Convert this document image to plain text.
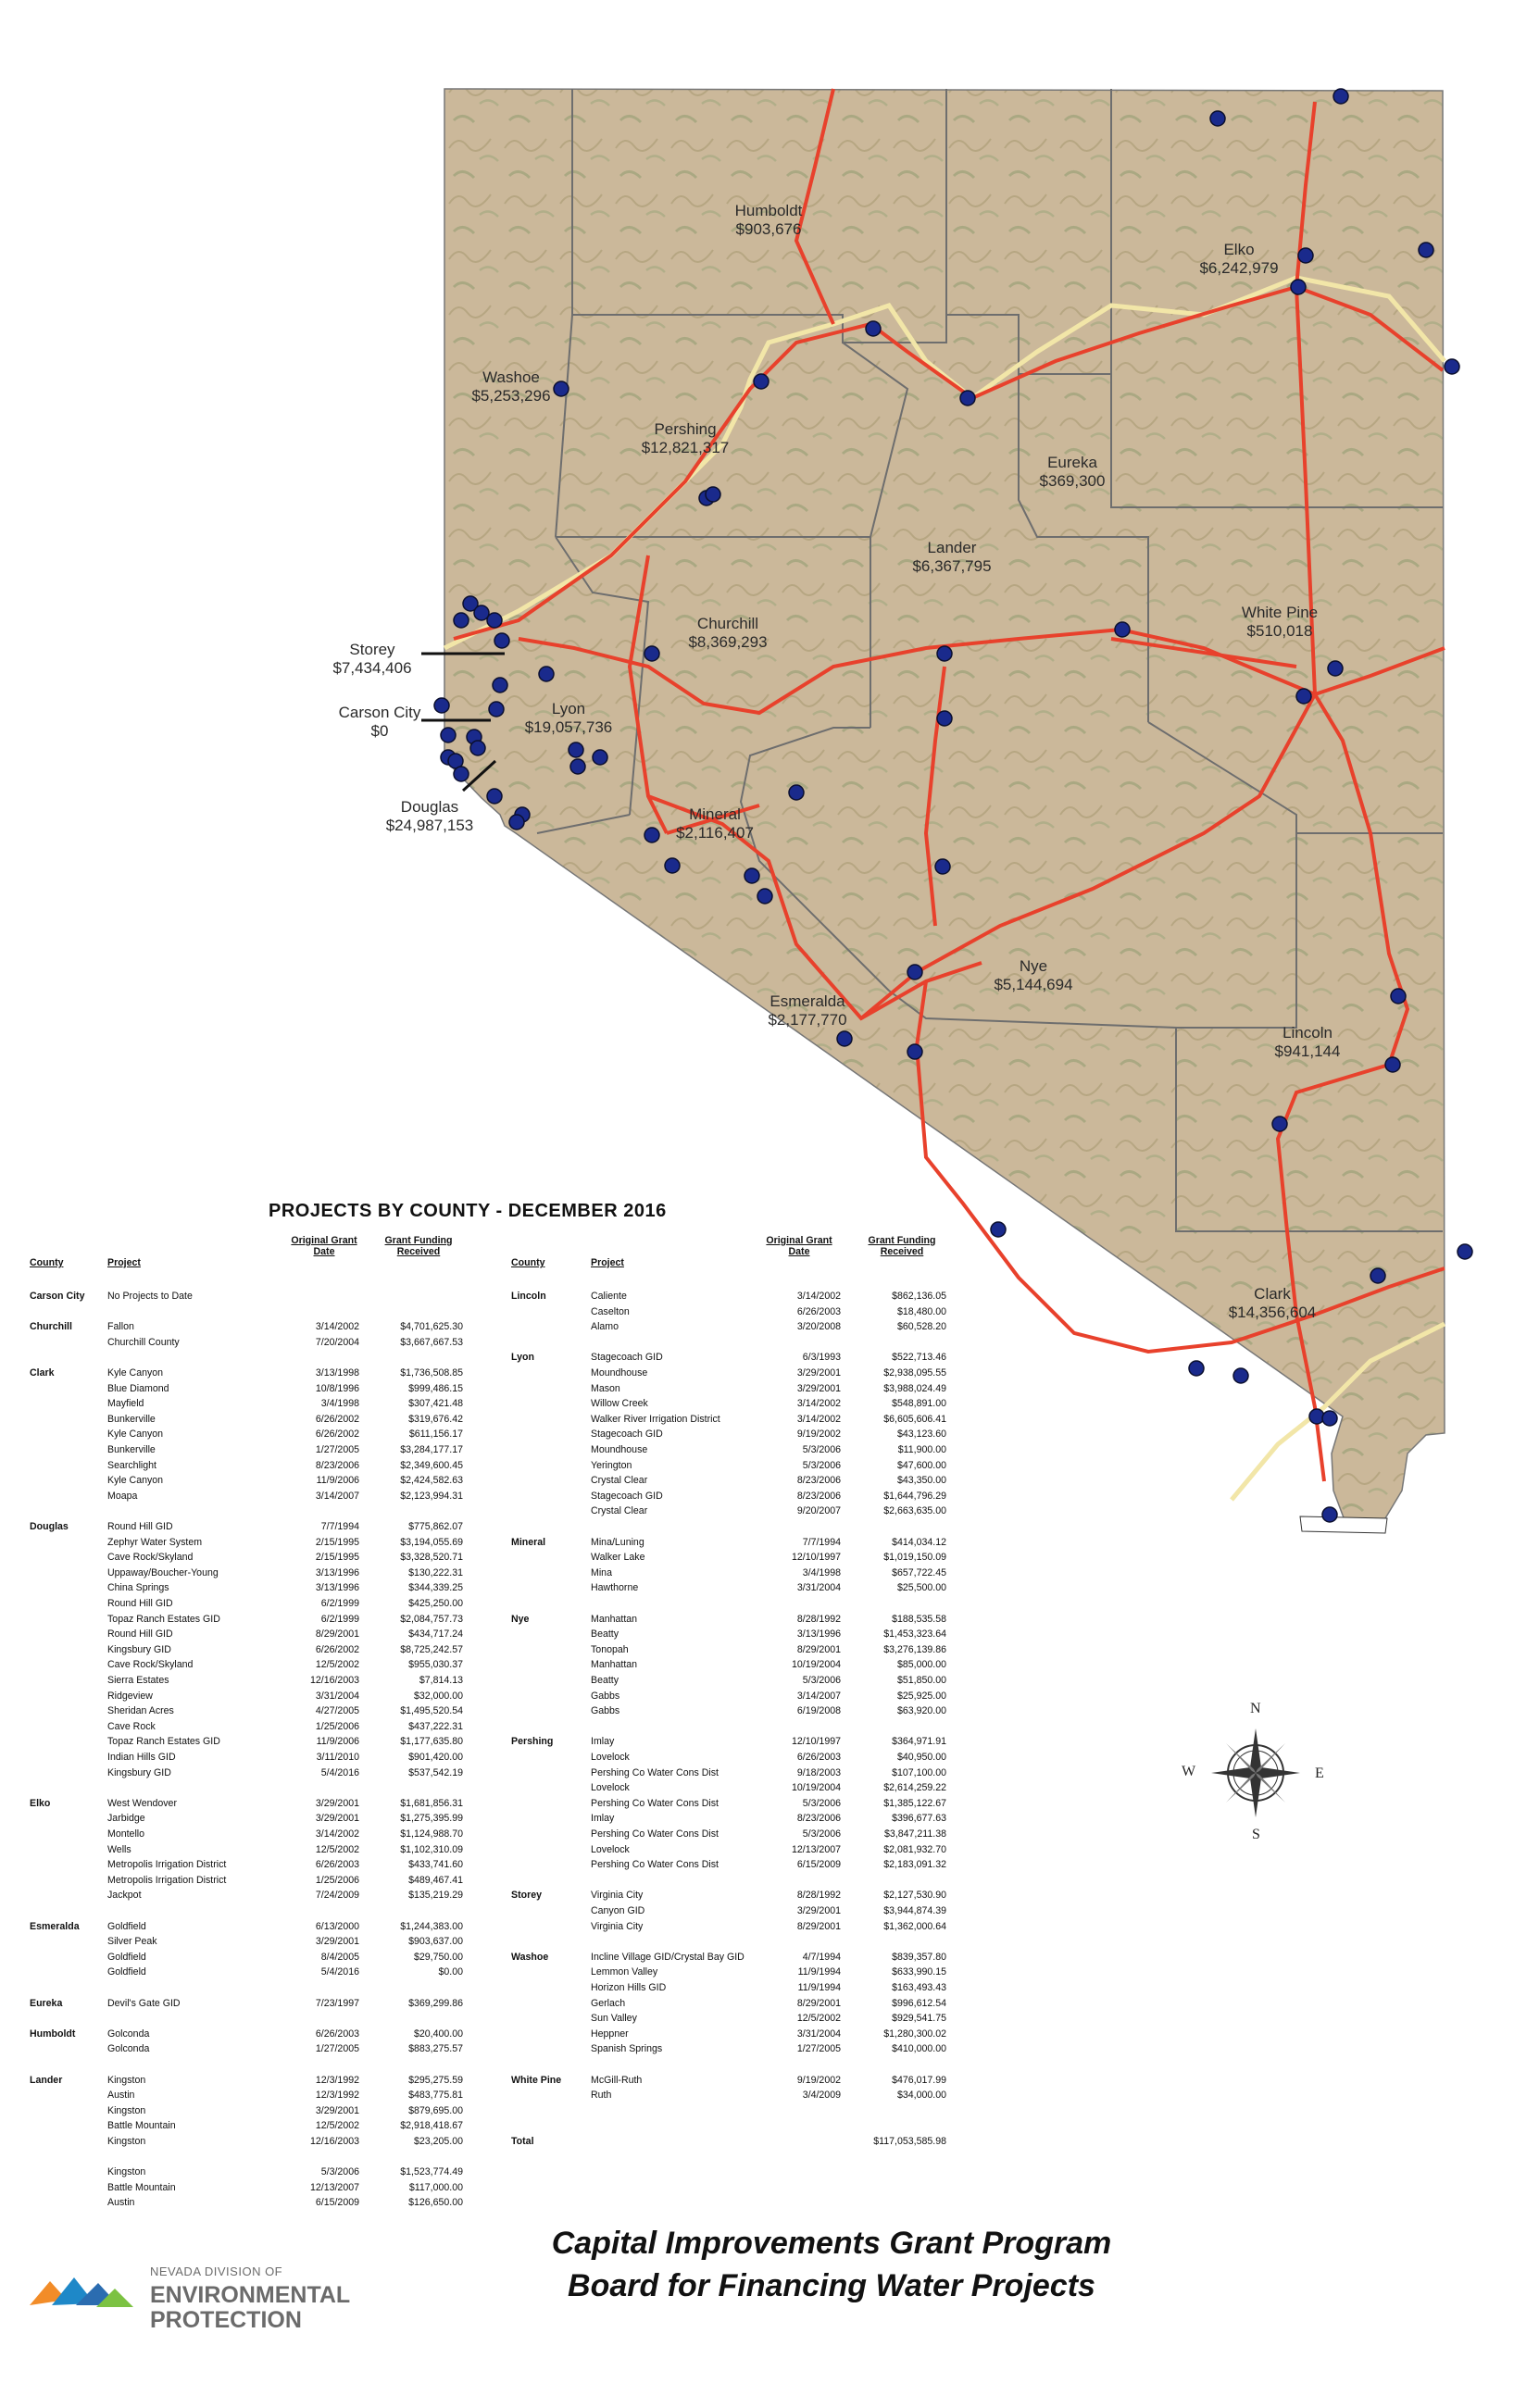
Humboldt
$903,676
Elko
$6,242,979
Washoe
$5,253,296
Pershing
$12,821,317
Eureka
$369,300
Lander
$6,367,795
White Pine
$510,018
Storey
$7,434,406
Churchill
$8,369,293
Carson City
$0
Lyon
$19,057,736
Douglas
$24,987,153
Mineral
$2,116,407
Nye
$5,144,694
Esmeralda
$2,177,770
Lincoln
$941,144
Clark
$14,356,604
PROJECTS BY COUNTY - DECEMBER 2016
County	Project
Original Grant
Date
Grant Funding
Received
Carson City No Projects to Date
Churchill	Fallon	3/14/2002	$4,701,625.30
Churchill County	7/20/2004	$3,667,667.53
Clark	Kyle Canyon	3/13/1998	$1,736,508.85
Blue Diamond	10/8/1996	$999,486.15
Mayfield	3/4/1998	$307,421.48
Bunkerville	6/26/2002	$319,676.42
Kyle Canyon	6/26/2002	$611,156.17
Bunkerville	1/27/2005	$3,284,177.17
Searchlight	8/23/2006	$2,349,600.45
Kyle Canyon	11/9/2006	$2,424,582.63
Moapa	3/14/2007	$2,123,994.31
Douglas	Round Hill GID	7/7/1994	$775,862.07
Zephyr Water System	2/15/1995	$3,194,055.69
Cave Rock/Skyland	2/15/1995	$3,328,520.71
Uppaway/Boucher-Young	3/13/1996	$130,222.31
China Springs	3/13/1996	$344,339.25
Round Hill GID	6/2/1999	$425,250.00
Topaz Ranch Estates GID	6/2/1999	$2,084,757.73
Round Hill GID	8/29/2001	$434,717.24
Kingsbury GID	6/26/2002	$8,725,242.57
Cave Rock/Skyland	12/5/2002	$955,030.37
Sierra Estates	12/16/2003	$7,814.13
Ridgeview	3/31/2004	$32,000.00
Sheridan Acres	4/27/2005	$1,495,520.54
Cave Rock	1/25/2006	$437,222.31
Topaz Ranch Estates GID	11/9/2006	$1,177,635.80
Indian Hills GID	3/11/2010	$901,420.00
Kingsbury GID	5/4/2016	$537,542.19
Elko	West Wendover	3/29/2001	$1,681,856.31
Jarbidge	3/29/2001	$1,275,395.99
Montello	3/14/2002	$1,124,988.70
Wells	12/5/2002	$1,102,310.09
Metropolis Irrigation District	6/26/2003	$433,741.60
Metropolis Irrigation District	1/25/2006	$489,467.41
Jackpot	7/24/2009	$135,219.29
Esmeralda	Goldfield	6/13/2000	$1,244,383.00
Silver Peak	3/29/2001	$903,637.00
Goldfield	8/4/2005	$29,750.00
Goldfield	5/4/2016	$0.00
Eureka	Devil's Gate GID	7/23/1997	$369,299.86
Humboldt	Golconda	6/26/2003	$20,400.00
Golconda	1/27/2005	$883,275.57
Lander	Kingston	12/3/1992	$295,275.59
Austin	12/3/1992	$483,775.81
Kingston	3/29/2001	$879,695.00
Battle Mountain	12/5/2002	$2,918,418.67
Kingston	12/16/2003	$23,205.00
Kingston	5/3/2006	$1,523,774.49
Battle Mountain	12/13/2007	$117,000.00
Austin	6/15/2009	$126,650.00
County	Project
Original Grant
Date
Grant Funding
Received
Lincoln	Caliente	3/14/2002	$862,136.05
Caselton	6/26/2003	$18,480.00
Alamo	3/20/2008	$60,528.20
Lyon	Stagecoach GID	6/3/1993	$522,713.46
Moundhouse	3/29/2001	$2,938,095.55
Mason	3/29/2001	$3,988,024.49
Willow Creek	3/14/2002	$548,891.00
Walker River Irrigation District	3/14/2002	$6,605,606.41
Stagecoach GID	9/19/2002	$43,123.60
Moundhouse	5/3/2006	$11,900.00
Yerington	5/3/2006	$47,600.00
Crystal Clear	8/23/2006	$43,350.00
Stagecoach GID	8/23/2006	$1,644,796.29
Crystal Clear	9/20/2007	$2,663,635.00
Mineral	Mina/Luning	7/7/1994	$414,034.12
Walker Lake	12/10/1997	$1,019,150.09
Mina	3/4/1998	$657,722.45
Hawthorne	3/31/2004	$25,500.00
Nye	Manhattan	8/28/1992	$188,535.58
Beatty	3/13/1996	$1,453,323.64
Tonopah	8/29/2001	$3,276,139.86
Manhattan	10/19/2004	$85,000.00
Beatty	5/3/2006	$51,850.00
Gabbs	3/14/2007	$25,925.00
Gabbs	6/19/2008	$63,920.00
Pershing	Imlay	12/10/1997	$364,971.91
Lovelock	6/26/2003	$40,950.00
Pershing Co Water Cons Dist	9/18/2003	$107,100.00
Lovelock	10/19/2004	$2,614,259.22
Pershing Co Water Cons Dist	5/3/2006	$1,385,122.67
Imlay	8/23/2006	$396,677.63
Pershing Co Water Cons Dist	5/3/2006	$3,847,211.38
Lovelock	12/13/2007	$2,081,932.70
Pershing Co Water Cons Dist	6/15/2009	$2,183,091.32
Storey	Virginia City	8/28/1992	$2,127,530.90
Canyon GID	3/29/2001	$3,944,874.39
Virginia City	8/29/2001	$1,362,000.64
Washoe	Incline Village GID/Crystal Bay GID	4/7/1994	$839,357.80
Lemmon Valley	11/9/1994	$633,990.15
Horizon Hills GID	11/9/1994	$163,493.43
Gerlach	8/29/2001	$996,612.54
Sun Valley	12/5/2002	$929,541.75
Heppner	3/31/2004	$1,280,300.02
Spanish Springs	1/27/2005	$410,000.00
White Pine	McGill-Ruth	9/19/2002	$476,017.99
Ruth	3/4/2009	$34,000.00
Total	$117,053,585.98
N
S
E
W
NEVADA DIVISION OF
ENVIRONMENTAL
PROTECTION
Capital Improvements Grant Program
Board for Financing Water Projects
